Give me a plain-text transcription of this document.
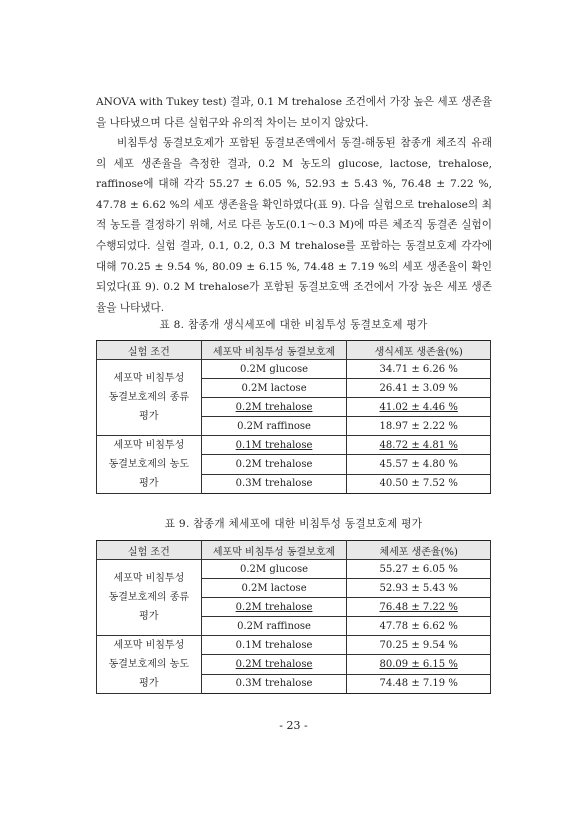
ANOVA with Tukey test) 결과, 0.1 M trehalose 조건에서 가장 높은 세포 생존율을 나타냈으며 다른 실험구와 유의적 차이는 보이지 않았다.

비침투성 동결보호제가 포함된 동결보존액에서 동결-해동된 참종개 체조직 유래의 세포 생존율을 측정한 결과, 0.2 M 농도의 glucose, lactose, trehalose, raffinose에 대해 각각 55.27 ± 6.05 %, 52.93 ± 5.43 %, 76.48 ± 7.22 %, 47.78 ± 6.62 %의 세포 생존율을 확인하였다(표 9). 다음 실험으로 trehalose의 최적 농도를 결정하기 위해, 서로 다른 농도(0.1～0.3 M)에 따른 체조직 동결존 실험이 수행되었다. 실험 결과, 0.1, 0.2, 0.3 M trehalose를 포함하는 동결보호제 각각에 대해 70.25 ± 9.54 %, 80.09 ± 6.15 %, 74.48 ± 7.19 %의 세포 생존율이 확인되었다(표 9). 0.2 M trehalose가 포함된 동결보호액 조건에서 가장 높은 세포 생존율을 나타냈다.

표 8. 참종개 생식세포에 대한 비침투성 동결보호제 평가
실험 조건	세포막 비침투성 동결보호제	생식세포 생존율(%)
세포막 비침투성
동결보호제의 종류
평가	0.2M glucose	34.71 ± 6.26 %
	0.2M lactose	26.41 ± 3.09 %
	0.2M trehalose	41.02 ± 4.46 %
	0.2M raffinose	18.97 ± 2.22 %
세포막 비침투성
동결보호제의 농도
평가	0.1M trehalose	48.72 ± 4.81 %
	0.2M trehalose	45.57 ± 4.80 %
	0.3M trehalose	40.50 ± 7.52 %
표 9. 참종개 체세포에 대한 비침투성 동결보호제 평가
실험 조건	세포막 비침투성 동결보호제	체세포 생존율(%)
세포막 비침투성
동결보호제의 종류
평가	0.2M glucose	55.27 ± 6.05 %
	0.2M lactose	52.93 ± 5.43 %
	0.2M trehalose	76.48 ± 7.22 %
	0.2M raffinose	47.78 ± 6.62 %
세포막 비침투성
동결보호제의 농도
평가	0.1M trehalose	70.25 ± 9.54 %
	0.2M trehalose	80.09 ± 6.15 %
	0.3M trehalose	74.48 ± 7.19 %
- 23 -
